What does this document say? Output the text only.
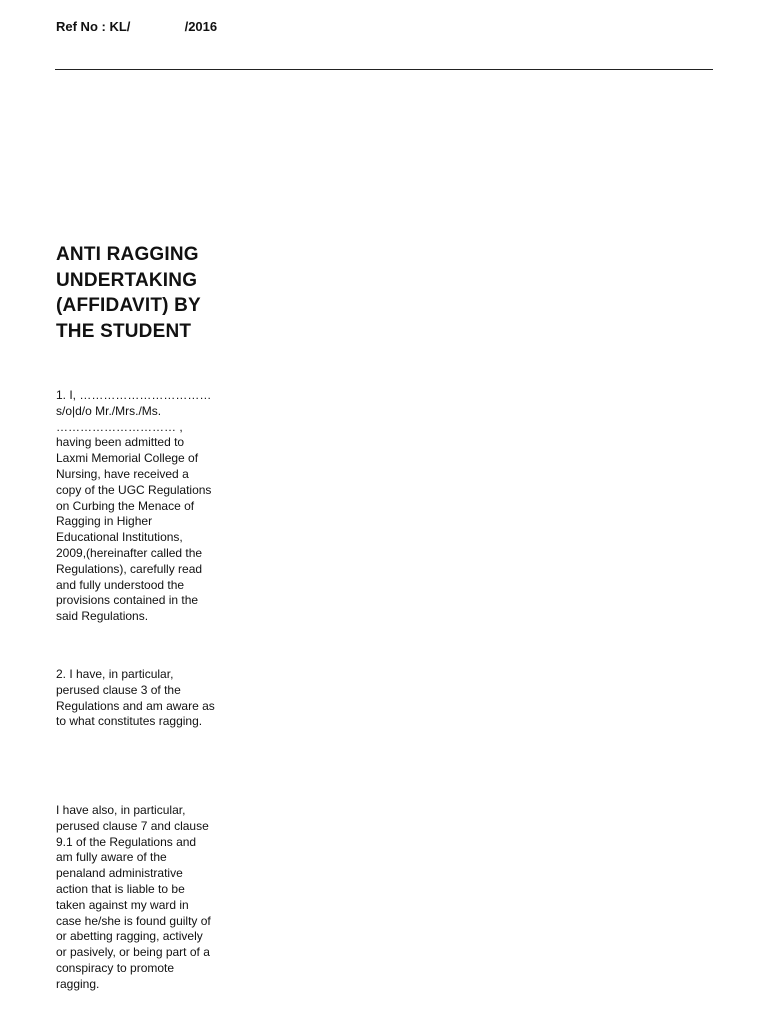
Ref No : KL/	/2016
ANTI RAGGING
UNDERTAKING
(AFFIDAVIT) BY
THE STUDENT

1. I, ……………………………
s/o|d/o Mr./Mrs./Ms.
………………………… ,
having been admitted to
Laxmi Memorial College of
Nursing, have received a
copy of the UGC Regulations
on Curbing the Menace of
Ragging in Higher
Educational Institutions,
2009,(hereinafter called the
Regulations), carefully read
and fully understood the
provisions contained in the
said Regulations.

2. I have, in particular,
perused clause 3 of the
Regulations and am aware as
to what constitutes ragging.

I have also, in particular,
perused clause 7 and clause
9.1 of the Regulations and
am fully aware of the
penaland administrative
action that is liable to be
taken against my ward in
case he/she is found guilty of
or abetting ragging, actively
or pasively, or being part of a
conspiracy to promote
ragging.
